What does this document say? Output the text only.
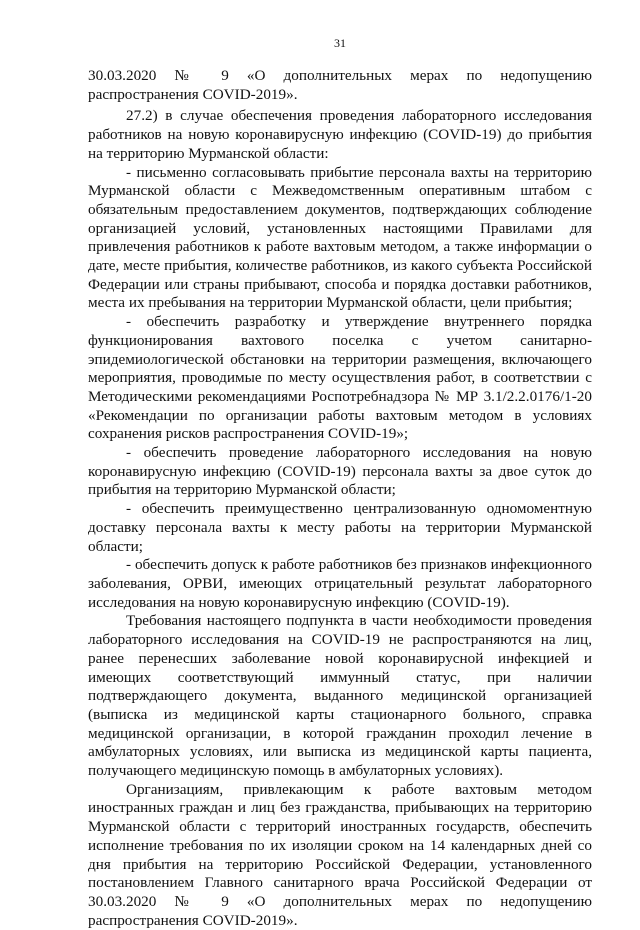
31

30.03.2020 № 9 «О дополнительных мерах по недопущению распространения COVID-2019».

27.2) в случае обеспечения проведения лабораторного исследования работников на новую коронавирусную инфекцию (COVID-19) до прибытия на территорию Мурманской области:

- письменно согласовывать прибытие персонала вахты на территорию Мурманской области с Межведомственным оперативным штабом с обязательным предоставлением документов, подтверждающих соблюдение организацией условий, установленных настоящими Правилами для привлечения работников к работе вахтовым методом, а также информации о дате, месте прибытия, количестве работников, из какого субъекта Российской Федерации или страны прибывают, способа и порядка доставки работников, места их пребывания на территории Мурманской области, цели прибытия;

- обеспечить разработку и утверждение внутреннего порядка функционирования вахтового поселка с учетом санитарно-эпидемиологической обстановки на территории размещения, включающего мероприятия, проводимые по месту осуществления работ, в соответствии с Методическими рекомендациями Роспотребнадзора № МР 3.1/2.2.0176/1-20 «Рекомендации по организации работы вахтовым методом в условиях сохранения рисков распространения COVID-19»;

- обеспечить проведение лабораторного исследования на новую коронавирусную инфекцию (COVID-19) персонала вахты за двое суток до прибытия на территорию Мурманской области;

- обеспечить преимущественно централизованную одномоментную доставку персонала вахты к месту работы на территории Мурманской области;

- обеспечить допуск к работе работников без признаков инфекционного заболевания, ОРВИ, имеющих отрицательный результат лабораторного исследования на новую коронавирусную инфекцию (COVID-19).

Требования настоящего подпункта в части необходимости проведения лабораторного исследования на COVID-19 не распространяются на лиц, ранее перенесших заболевание новой коронавирусной инфекцией и имеющих соответствующий иммунный статус, при наличии подтверждающего документа, выданного медицинской организацией (выписка из медицинской карты стационарного больного, справка медицинской организации, в которой гражданин проходил лечение в амбулаторных условиях, или выписка из медицинской карты пациента, получающего медицинскую помощь в амбулаторных условиях).

Организациям, привлекающим к работе вахтовым методом иностранных граждан и лиц без гражданства, прибывающих на территорию Мурманской области с территорий иностранных государств, обеспечить исполнение требования по их изоляции сроком на 14 календарных дней со дня прибытия на территорию Российской Федерации, установленного постановлением Главного санитарного врача Российской Федерации от 30.03.2020 № 9 «О дополнительных мерах по недопущению распространения COVID-2019».
